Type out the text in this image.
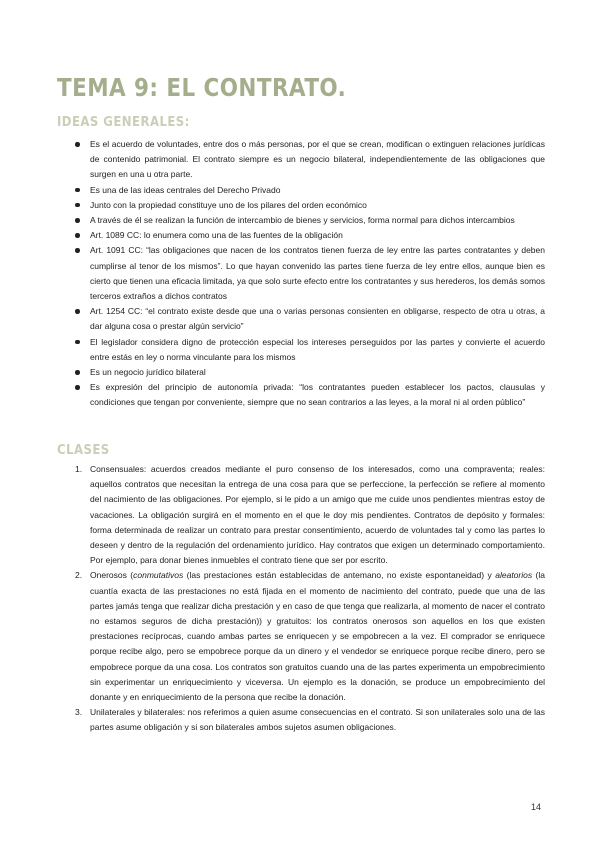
TEMA 9: EL CONTRATO.
IDEAS GENERALES:
Es el acuerdo de voluntades, entre dos o más personas, por el que se crean, modifican o extinguen relaciones jurídicas de contenido patrimonial. El contrato siempre es un negocio bilateral, independientemente de las obligaciones que surgen en una u otra parte.
Es una de las ideas centrales del Derecho Privado
Junto con la propiedad constituye uno de los pilares del orden económico
A través de él se realizan la función de intercambio de bienes y servicios, forma normal para dichos intercambios
Art. 1089 CC: lo enumera como una de las fuentes de la obligación
Art. 1091 CC: “las obligaciones que nacen de los contratos tienen fuerza de ley entre las partes contratantes y deben cumplirse al tenor de los mismos”. Lo que hayan convenido las partes tiene fuerza de ley entre ellos, aunque bien es cierto que tienen una eficacia limitada, ya que solo surte efecto entre los contratantes y sus herederos, los demás somos terceros extraños a dichos contratos
Art. 1254 CC: “el contrato existe desde que una o varias personas consienten en obligarse, respecto de otra u otras, a dar alguna cosa o prestar algún servicio”
El legislador considera digno de protección especial los intereses perseguidos por las partes y convierte el acuerdo entre estás en ley o norma vinculante para los mismos
Es un negocio jurídico bilateral
Es expresión del principio de autonomía privada: “los contratantes pueden establecer los pactos, clausulas y condiciones que tengan por conveniente, siempre que no sean contrarios a las leyes, a la moral ni al orden público”
CLASES
1. Consensuales: acuerdos creados mediante el puro consenso de los interesados, como una compraventa; reales: aquellos contratos que necesitan la entrega de una cosa para que se perfeccione, la perfección se refiere al momento del nacimiento de las obligaciones. Por ejemplo, si le pido a un amigo que me cuide unos pendientes mientras estoy de vacaciones. La obligación surgirá en el momento en el que le doy mis pendientes. Contratos de depósito y formales: forma determinada de realizar un contrato para prestar consentimiento, acuerdo de voluntades tal y como las partes lo deseen y dentro de la regulación del ordenamiento jurídico. Hay contratos que exigen un determinado comportamiento. Por ejemplo, para donar bienes inmuebles el contrato tiene que ser por escrito.
2. Onerosos (conmutativos (las prestaciones están establecidas de antemano, no existe espontaneidad) y aleatorios (la cuantía exacta de las prestaciones no está fijada en el momento de nacimiento del contrato, puede que una de las partes jamás tenga que realizar dicha prestación y en caso de que tenga que realizarla, al momento de nacer el contrato no estamos seguros de dicha prestación)) y gratuitos: los contratos onerosos son aquellos en los que existen prestaciones recíprocas, cuando ambas partes se enriquecen y se empobrecen a la vez. El comprador se enriquece porque recibe algo, pero se empobrece porque da un dinero y el vendedor se enriquece porque recibe dinero, pero se empobrece porque da una cosa. Los contratos son gratuitos cuando una de las partes experimenta un empobrecimiento sin experimentar un enriquecimiento y viceversa. Un ejemplo es la donación, se produce un empobrecimiento del donante y en enriquecimiento de la persona que recibe la donación.
3. Unilaterales y bilaterales: nos referimos a quien asume consecuencias en el contrato. Si son unilaterales solo una de las partes asume obligación y si son bilaterales ambos sujetos asumen obligaciones.
14
